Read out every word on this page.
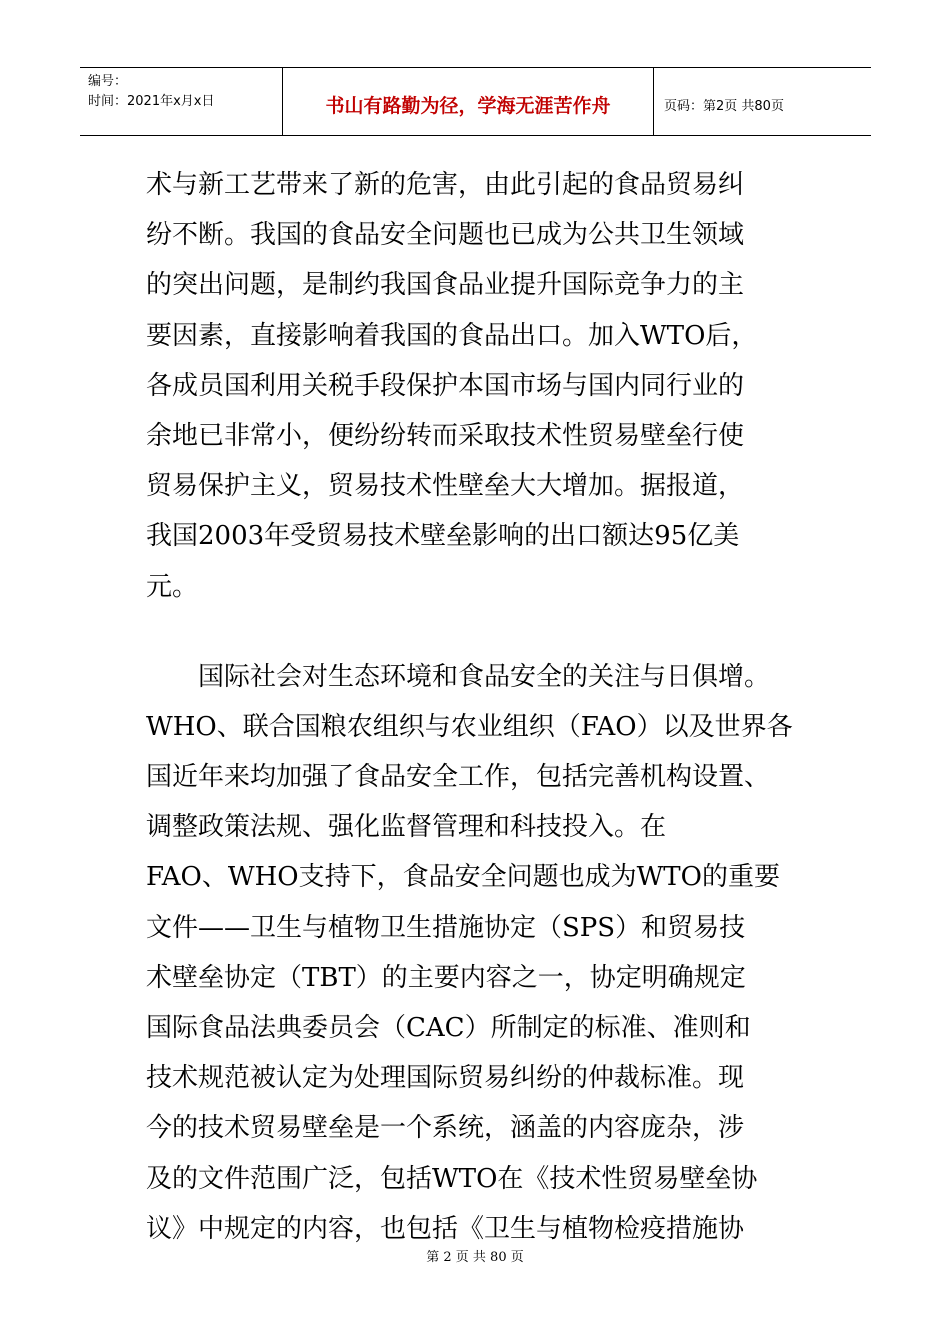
编号：
时间：2021年x月x日	书山有路勤为径，学海无涯苦作舟	页码：第2页 共80页
术与新工艺带来了新的危害，由此引起的食品贸易纠
纷不断。我国的食品安全问题也已成为公共卫生领域
的突出问题，是制约我国食品业提升国际竞争力的主
要因素，直接影响着我国的食品出口。加入WTO后，
各成员国利用关税手段保护本国市场与国内同行业的
余地已非常小，便纷纷转而采取技术性贸易壁垒行使
贸易保护主义，贸易技术性壁垒大大增加。据报道，
我国2003年受贸易技术壁垒影响的出口额达95亿美
元。
　　国际社会对生态环境和食品安全的关注与日俱增。
WHO、联合国粮农组织与农业组织（FAO）以及世界各
国近年来均加强了食品安全工作，包括完善机构设置、
调整政策法规、强化监督管理和科技投入。在
FAO、WHO支持下，食品安全问题也成为WTO的重要
文件——卫生与植物卫生措施协定（SPS）和贸易技
术壁垒协定（TBT）的主要内容之一，协定明确规定
国际食品法典委员会（CAC）所制定的标准、准则和
技术规范被认定为处理国际贸易纠纷的仲裁标准。现
今的技术贸易壁垒是一个系统，涵盖的内容庞杂，涉
及的文件范围广泛，包括WTO在《技术性贸易壁垒协
议》中规定的内容，也包括《卫生与植物检疫措施协
第 2 页 共 80 页
